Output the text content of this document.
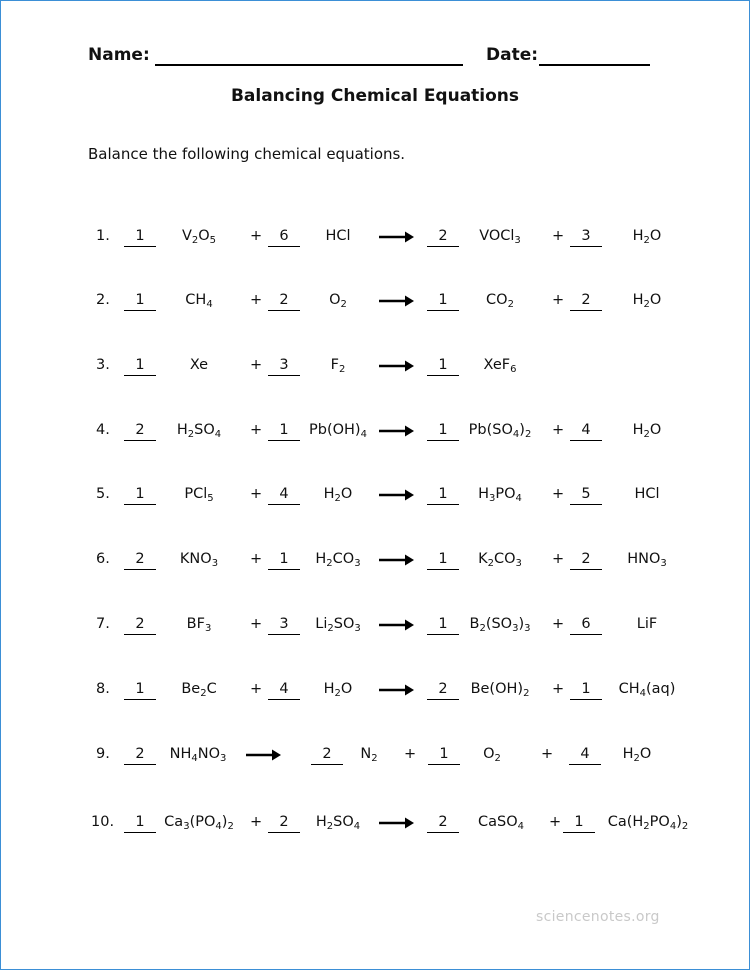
Name:	Date:
Balancing Chemical Equations
Balance the following chemical equations.
1.	1	$V_2O_5$ +	6	HCl	2	VOCl$_3$ +	3	$H_2O$
2.	1	$CH_4$	+	2	$O_2$	1	$CO_2$	+	2	$H_2O$
3.	1	Xe	+	3	$F_2$	1	XeF$_6$
4.	2	$H_2SO_4$ +	1	$Pb(OH)_4$ →	1	$Pb(SO_4)_2$ +	4	$H_2O$
5.	1	PCl$_5$	+	4	$H_2O$	1	$H_3PO_4$ +	5	HCl
6.	2	$KNO_3$ +	1	$H_2CO_3$ →	1	$K_2CO_3$ +	2	$HNO_3$
7.	2	$BF_3$	+	3	$Li_2SO_3$ →	1	$B_2(SO_3)_3$ +	6	LiF
8.	1	$Be_2C$ +	4	$H_2O$	2	$Be(OH)_2$ +	1	$CH_4(aq)$
9.	2	$NH_4NO_3$ →	2	$N_2$ +	1	$O_2$	+	4	$H_2O$
10.	1	$Ca_3(PO_4)_2$ +	2	$H_2SO_4$ →	2	CaSO$_4$ + 1	$Ca(H_2PO_4)_2$
sciencenotes.org
